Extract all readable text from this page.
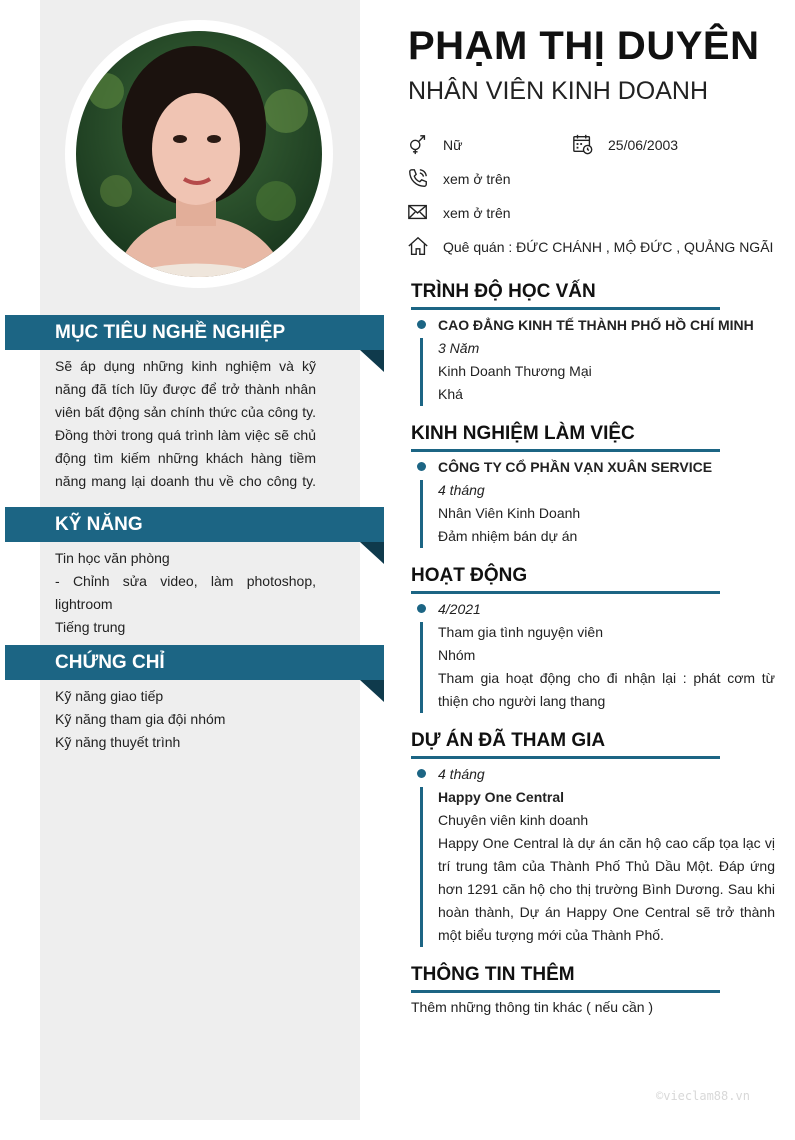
MỤC TIÊU NGHỀ NGHIỆP
Sẽ áp dụng những kinh nghiệm và kỹ
năng đã tích lũy được để trở thành nhân
viên bất động sản chính thức của công ty.
Đồng thời trong quá trình làm việc sẽ chủ
động tìm kiếm những khách hàng tiềm
năng mang lại doanh thu về cho công ty.
KỸ NĂNG
Tin học văn phòng
- Chỉnh sửa video, làm photoshop,
lightroom
Tiếng trung
CHỨNG CHỈ
Kỹ năng giao tiếp
Kỹ năng tham gia đội nhóm
Kỹ năng thuyết trình
PHẠM THỊ DUYÊN
NHÂN VIÊN KINH DOANH
Nữ	25/06/2003
xem ở trên
xem ở trên
Quê quán : ĐỨC CHÁNH , MỘ ĐỨC , QUẢNG NGÃI
TRÌNH ĐỘ HỌC VẤN
CAO ĐẲNG KINH TẾ THÀNH PHỐ HỒ CHÍ MINH
3 Năm
Kinh Doanh Thương Mại
Khá
KINH NGHIỆM LÀM VIỆC
CÔNG TY CỔ PHẦN VẠN XUÂN SERVICE
4 tháng
Nhân Viên Kinh Doanh
Đảm nhiệm bán dự án
HOẠT ĐỘNG
4/2021
Tham gia tình nguyện viên
Nhóm
Tham gia hoạt động cho đi nhận lại : phát cơm từ
thiện cho người lang thang
DỰ ÁN ĐÃ THAM GIA
4 tháng
Happy One Central
Chuyên viên kinh doanh
Happy One Central là dự án căn hộ cao cấp tọa lạc vị
trí trung tâm của Thành Phố Thủ Dầu Một. Đáp ứng
hơn 1291 căn hộ cho thị trường Bình Dương. Sau khi
hoàn thành, Dự án Happy One Central sẽ trở thành
một biểu tượng mới của Thành Phố.
THÔNG TIN THÊM
Thêm những thông tin khác ( nếu cần )
©vieclam88.vn
